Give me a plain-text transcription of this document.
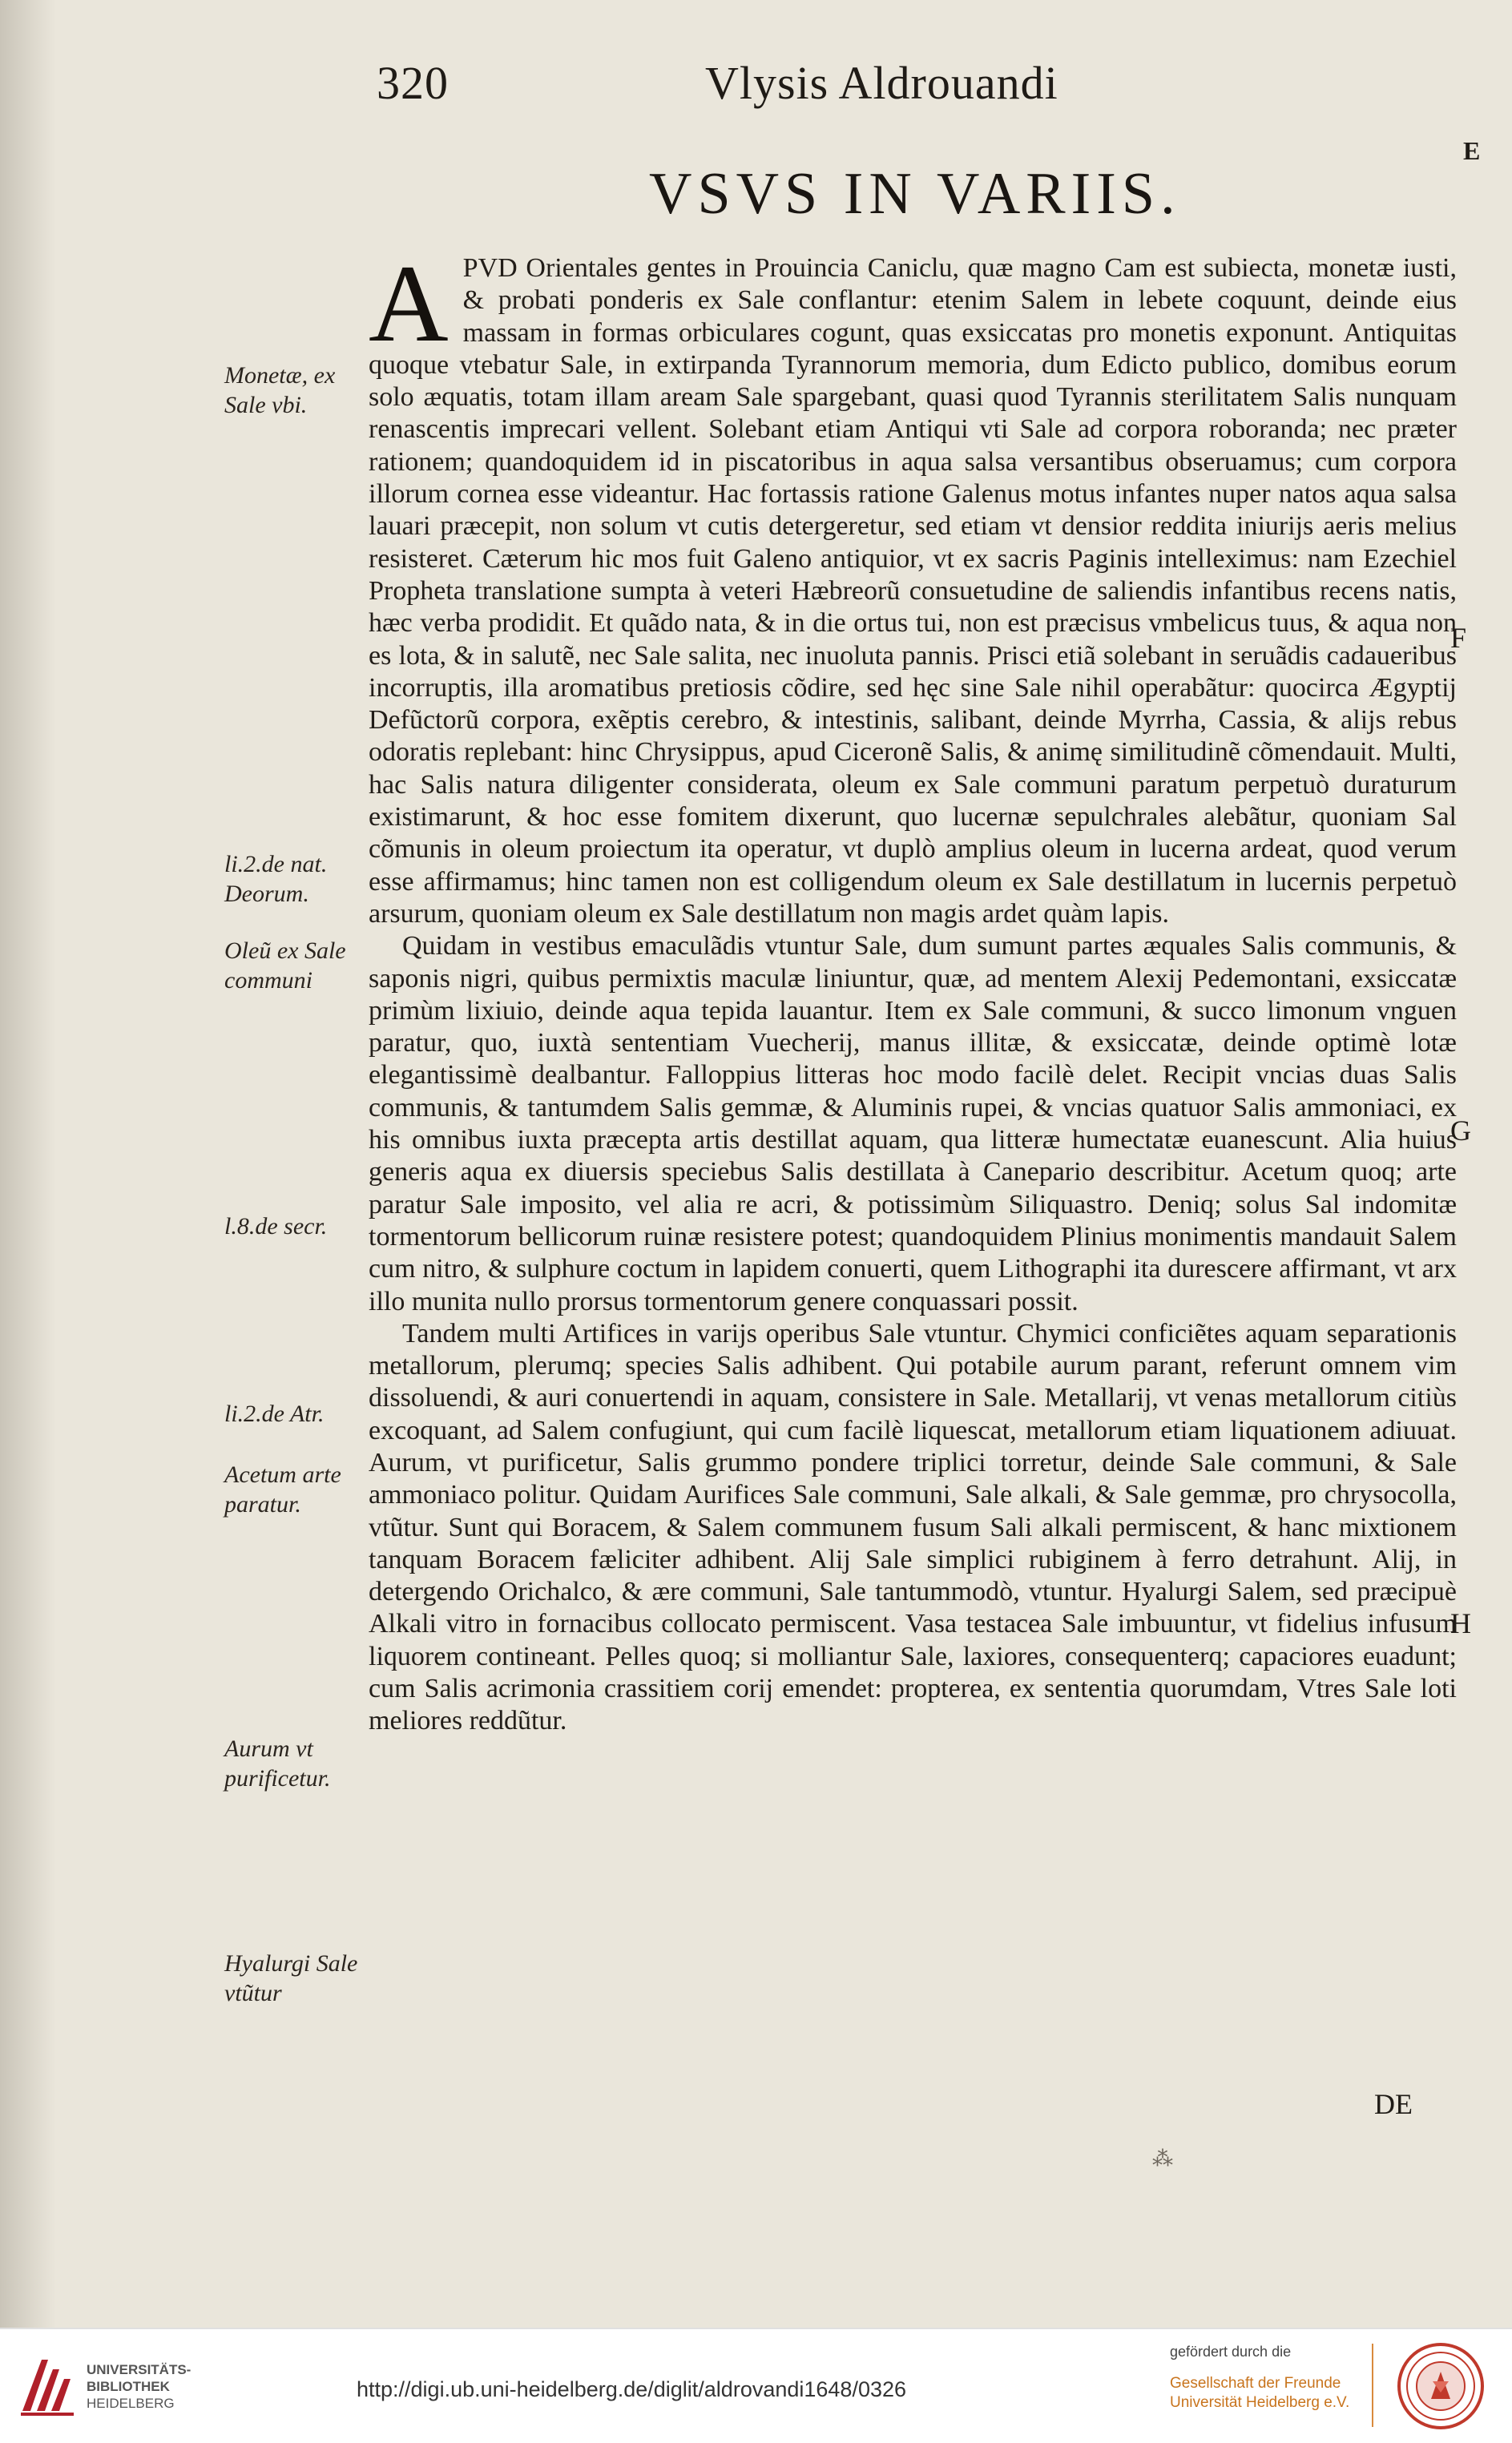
320	Vlysis Aldrouandi
E
VSVS IN VARIIS.

APVD Orientales gentes in Prouincia Caniclu, quæ magno Cam est subiecta, monetæ iusti, & probati ponderis ex Sale conflantur: etenim Salem in lebete coquunt, deinde eius massam in formas orbiculares cogunt, quas exsiccatas pro monetis exponunt. Antiquitas quoque vtebatur Sale, in extirpanda Tyrannorum memoria, dum Edicto publico, domibus eorum solo æquatis, totam illam aream Sale spargebant, quasi quod Tyrannis sterilitatem Salis nunquam renascentis imprecari vellent. Solebant etiam Antiqui vti Sale ad corpora roboranda; nec præter rationem; quandoquidem id in piscatoribus in aqua salsa versantibus obseruamus; cum corpora illorum cornea esse videantur. Hac fortassis ratione Galenus motus infantes nuper natos aqua salsa lauari præcepit, non solum vt cutis detergeretur, sed etiam vt densior reddita iniurijs aeris melius resisteret. Cæterum hic mos fuit Galeno antiquior, vt ex sacris Paginis intelleximus: nam Ezechiel Propheta translatione sumpta à veteri Hæbreorũ consuetudine de saliendis infantibus recens natis, hæc verba prodidit. Et quãdo nata, & in die ortus tui, non est præcisus vmbelicus tuus, & aqua non es lota, & in salutẽ, nec Sale salita, nec inuoluta pannis. Prisci etiã solebant in seruãdis cadaueribus incorruptis, illa aromatibus pretiosis cõdire, sed hęc sine Sale nihil operabãtur: quocirca Ægyptij Defũctorũ corpora, exẽptis cerebro, & intestinis, salibant, deinde Myrrha, Cassia, & alijs rebus odoratis replebant: hinc Chrysippus, apud Ciceronẽ Salis, & animę similitudinẽ cõmendauit. Multi, hac Salis natura diligenter considerata, oleum ex Sale communi paratum perpetuò duraturum existimarunt, & hoc esse fomitem dixerunt, quo lucernæ sepulchrales alebãtur, quoniam Sal cõmunis in oleum proiectum ita operatur, vt duplò amplius oleum in lucerna ardeat, quod verum esse affirmamus; hinc tamen non est colligendum oleum ex Sale destillatum in lucernis perpetuò arsurum, quoniam oleum ex Sale destillatum non magis ardet quàm lapis.

Quidam in vestibus emaculãdis vtuntur Sale, dum sumunt partes æquales Salis communis, & saponis nigri, quibus permixtis maculæ liniuntur, quæ, ad mentem Alexij Pedemontani, exsiccatæ primùm lixiuio, deinde aqua tepida lauantur. Item ex Sale communi, & succo limonum vnguen paratur, quo, iuxtà sententiam Vuecherij, manus illitæ, & exsiccatæ, deinde optimè lotæ elegantissimè dealbantur. Falloppius litteras hoc modo facilè delet. Recipit vncias duas Salis communis, & tantumdem Salis gemmæ, & Aluminis rupei, & vncias quatuor Salis ammoniaci, ex his omnibus iuxta præcepta artis destillat aquam, qua litteræ humectatæ euanescunt. Alia huius generis aqua ex diuersis speciebus Salis destillata à Canepario describitur. Acetum quoq; arte paratur Sale imposito, vel alia re acri, & potissimùm Siliquastro. Deniq; solus Sal indomitæ tormentorum bellicorum ruinæ resistere potest; quandoquidem Plinius monimentis mandauit Salem cum nitro, & sulphure coctum in lapidem conuerti, quem Lithographi ita durescere affirmant, vt arx illo munita nullo prorsus tormentorum genere conquassari possit.

Tandem multi Artifices in varijs operibus Sale vtuntur. Chymici conficiẽtes aquam separationis metallorum, plerumq; species Salis adhibent. Qui potabile aurum parant, referunt omnem vim dissoluendi, & auri conuertendi in aquam, consistere in Sale. Metallarij, vt venas metallorum citiùs excoquant, ad Salem confugiunt, qui cum facilè liquescat, metallorum etiam liquationem adiuuat. Aurum, vt purificetur, Salis grummo pondere triplici torretur, deinde Sale communi, & Sale ammoniaco politur. Quidam Aurifices Sale communi, Sale alkali, & Sale gemmæ, pro chrysocolla, vtũtur. Sunt qui Boracem, & Salem communem fusum Sali alkali permiscent, & hanc mixtionem tanquam Boracem fæliciter adhibent. Alij Sale simplici rubiginem à ferro detrahunt. Alij, in detergendo Orichalco, & ære communi, Sale tantummodò, vtuntur. Hyalurgi Salem, sed præcipuè Alkali vitro in fornacibus collocato permiscent. Vasa testacea Sale imbuuntur, vt fidelius infusum liquorem contineant. Pelles quoq; si molliantur Sale, laxiores, consequenterq; capaciores euadunt; cum Salis acrimonia crassitiem corij emendet: propterea, ex sententia quorumdam, Vtres Sale loti meliores reddũtur.

Monetæ, ex Sale vbi.
li.2.de nat. Deorum.
Oleũ ex Sale communi
l.8.de secr.
li.2.de Atr.
Acetum arte paratur.
Aurum vt purificetur.
Hyalurgi Sale vtũtur
F
G
H
DE
⁂
UNIVERSITÄTS-
BIBLIOTHEK
HEIDELBERG
http://digi.ub.uni-heidelberg.de/diglit/aldrovandi1648/0326
gefördert durch die
Gesellschaft der Freunde
Universität Heidelberg e.V.
